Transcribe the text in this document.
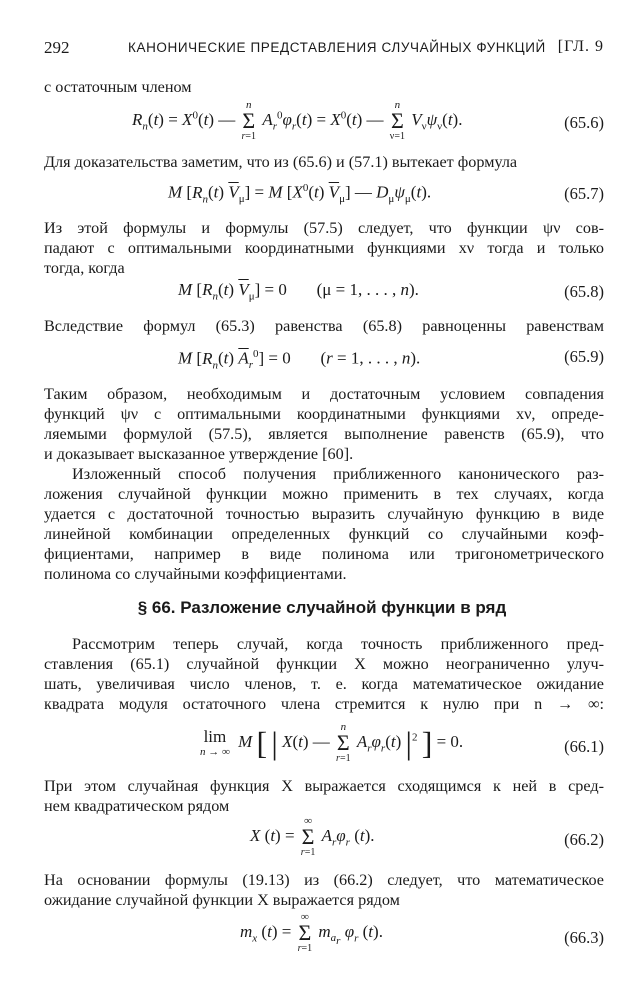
292	КАНОНИЧЕСКИЕ ПРЕДСТАВЛЕНИЯ СЛУЧАЙНЫХ ФУНКЦИЙ [ГЛ. 9
с остаточным членом
$R_n(t) = X^0(t)$ —
n
Σ
r=1
$A_r^0\varphi_r(t) = X^0(t)$ —
n
Σ
ν=1
$V_\nu\psi_\nu(t)$.	(65.6)
Для доказательства заметим, что из (65.6) и (57.1) вытекает формула
M $[R_n(t) \overline{V}_\mu] = M$ [$X^0(t)$ $\overline{V}_\mu$] — $D_\mu\psi_\mu(t)$.	(65.7)
Из этой формулы и формулы (57.5) следует, что функции ψν сов-
падают с оптимальными координатными функциями xν тогда и только
тогда, когда
M $[R_n(t) \overline{V}_\mu] = 0$       (μ = 1, . . . , n).	(65.8)
Вследствие формул (65.3) равенства (65.8) равноценны равенствам
M $[R_n(t) \overline{A}_r^0] = 0$       (r = 1, . . . , n).	(65.9)
Таким образом, необходимым и достаточным условием совпадения
функций ψν с оптимальными координатными функциями xν, опреде-
ляемыми формулой (57.5), является выполнение равенств (65.9), что
и доказывает высказанное утверждение [60].
Изложенный способ получения приближенного канонического раз-
ложения случайной функции можно применить в тех случаях, когда
удается с достаточной точностью выразить случайную функцию в виде
линейной комбинации определенных функций со случайными коэф-
фициентами, например в виде полинома или тригонометрического
полинома со случайными коэффициентами.
§ 66. Разложение случайной функции в ряд
Рассмотрим теперь случай, когда точность приближенного пред-
ставления (65.1) случайной функции X можно неограниченно улуч-
шать, увеличивая число членов, т. е. когда математическое ожидание
квадрата модуля остаточного члена стремится к нулю при n → ∞:
lim
n → ∞
M [ | X(t) —
n
Σ
r=1
$A_r\varphi_r(t)$ $|^2$ ] = 0.	(66.1)
При этом случайная функция X выражается сходящимся к ней в сред-
нем квадратическом рядом
X (t) =
∞
Σ
r=1
$A_r\varphi_r$ (t).	(66.2)
На основании формулы (19.13) из (66.2) следует, что математическое
ожидание случайной функции X выражается рядом
$m_x$ (t) =
∞
Σ
r=1
$m_{a_r}$ $\varphi_r$ (t).	(66.3)
